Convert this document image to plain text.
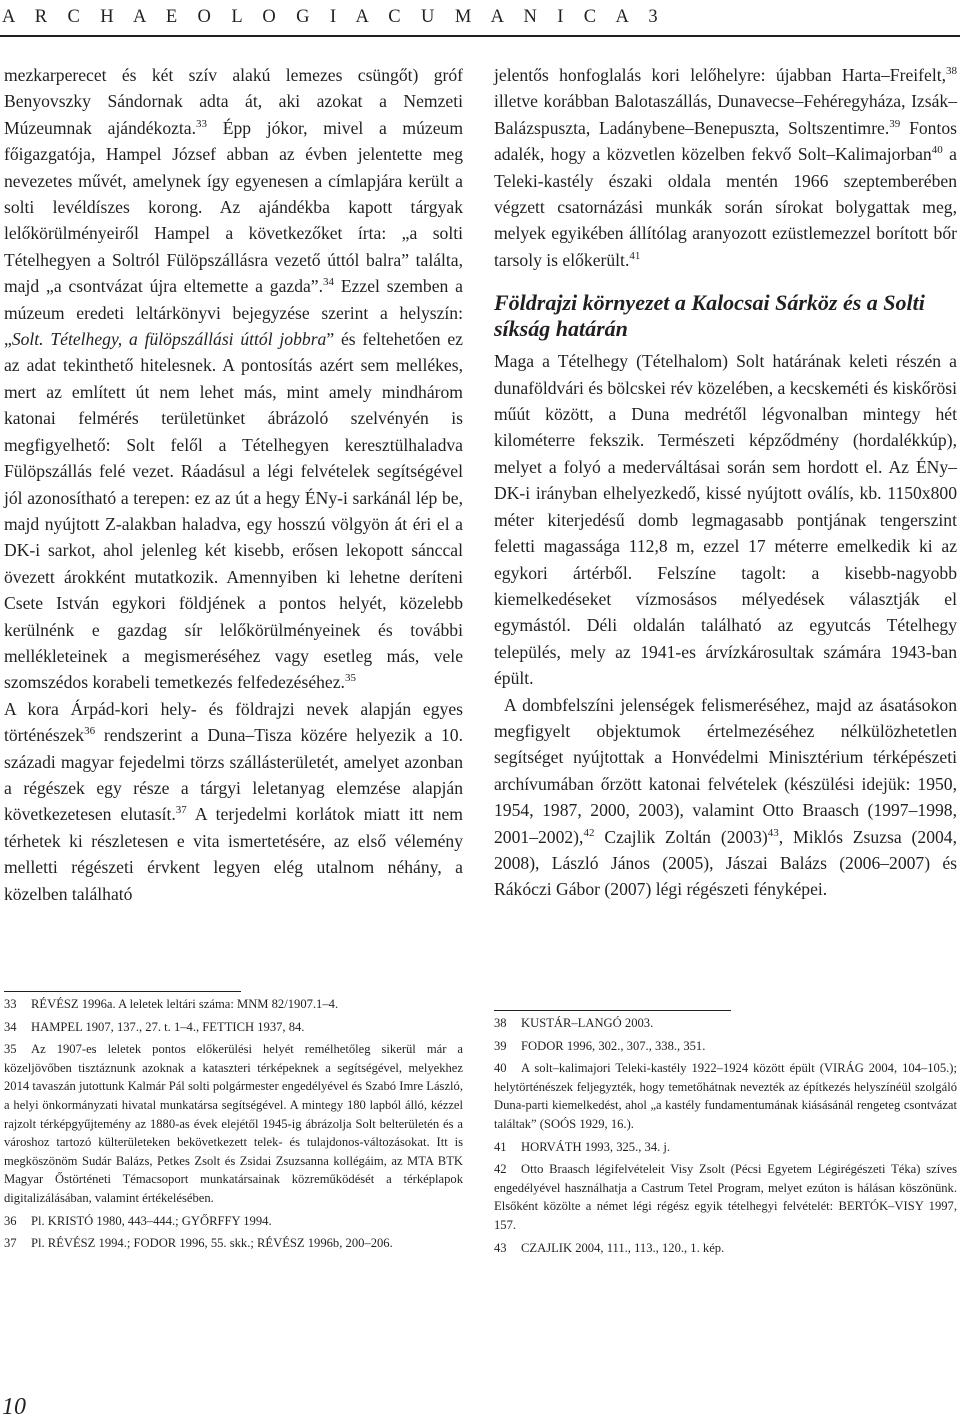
A R C H A E O L O G I A C U M A N I C A 3

mezkarperecet és két szív alakú lemezes csüngőt) gróf Benyovszky Sándornak adta át, aki azokat a Nemzeti Múzeumnak ajándékozta.$^{33}$ Épp jókor, mivel a múzeum főigazgatója, Hampel József abban az évben jelentette meg nevezetes művét, amelynek így egyenesen a címlapjára került a solti levéldíszes korong. Az ajándékba kapott tárgyak lelőkörülményeiről Hampel a következőket írta: „a solti Tételhegyen a Soltról Fülöpszállásra vezető úttól balra” találta, majd „a csontvázat újra eltemette a gazda”.$^{34}$ Ezzel szemben a múzeum eredeti leltárkönyvi bejegyzése szerint a helyszín: „Solt. Tételhegy, a fülöpszállási úttól jobbra” és feltehetően ez az adat tekinthető hitelesnek. A pontosítás azért sem mellékes, mert az említett út nem lehet más, mint amely mindhárom katonai felmérés területünket ábrázoló szelvényén is megfigyelhető: Solt felől a Tételhegyen keresztülhaladva Fülöpszállás felé vezet. Ráadásul a légi felvételek segítségével jól azonosítható a terepen: ez az út a hegy ÉNy-i sarkánál lép be, majd nyújtott Z-alakban haladva, egy hosszú völgyön át éri el a DK-i sarkot, ahol jelenleg két kisebb, erősen lekopott sánccal övezett árokként mutatkozik. Amennyiben ki lehetne deríteni Csete István egykori földjének a pontos helyét, közelebb kerülnénk e gazdag sír lelőkörülményeinek és további mellékleteinek a megismeréséhez vagy esetleg más, vele szomszédos korabeli temetkezés felfedezéséhez.$^{35}$

A kora Árpád-kori hely- és földrajzi nevek alapján egyes történészek$^{36}$ rendszerint a Duna–Tisza közére helyezik a 10. századi magyar fejedelmi törzs szállásterületét, amelyet azonban a régészek egy része a tárgyi leletanyag elemzése alapján következetesen elutasít.$^{37}$ A terjedelmi korlátok miatt itt nem térhetek ki részletesen e vita ismertetésére, az első vélemény melletti régészeti érvkent legyen elég utalnom néhány, a közelben található

jelentős honfoglalás kori lelőhelyre: újabban Harta–Freifelt,$^{38}$ illetve korábban Balotaszállás, Dunavecse–Fehéregyháza, Izsák–Balázspuszta, Ladánybene–Benepuszta, Soltszentimre.$^{39}$ Fontos adalék, hogy a közvetlen közelben fekvő Solt–Kalimajorban$^{40}$ a Teleki-kastély északi oldala mentén 1966 szeptemberében végzett csatornázási munkák során sírokat bolygattak meg, melyek egyikében állítólag aranyozott ezüstlemezzel borított bőr tarsoly is előkerült.$^{41}$

Földrajzi környezet a Kalocsai Sárköz és a Solti síkság határán

Maga a Tételhegy (Tételhalom) Solt határának keleti részén a dunaföldvári és bölcskei rév közelében, a kecskeméti és kiskőrösi műút között, a Duna medrétől légvonalban mintegy hét kilométerre fekszik. Természeti képződmény (hordalékkúp), melyet a folyó a mederváltásai során sem hordott el. Az ÉNy–DK-i irányban elhelyezkedő, kissé nyújtott oválís, kb. 1150x800 méter kiterjedésű domb legmagasabb pontjának tengerszint feletti magassága 112,8 m, ezzel 17 méterre emelkedik ki az egykori ártérből. Felszíne tagolt: a kisebb-nagyobb kiemelkedéseket vízmosásos mélyedések választják el egymástól. Déli oldalán található az egyutcás Tételhegy település, mely az 1941-es árvízkárosultak számára 1943-ban épült.

A dombfelszíni jelenségek felismeréséhez, majd az ásatásokon megfigyelt objektumok értelmezéséhez nélkülözhetetlen segítséget nyújtottak a Honvédelmi Minisztérium térképészeti archívumában őrzött katonai felvételek (készülési idejük: 1950, 1954, 1987, 2000, 2003), valamint Otto Braasch (1997–1998, 2001–2002),$^{42}$ Czajlik Zoltán $(2003)^{43}$, Miklós Zsuzsa (2004, 2008), László János (2005), Jászai Balázs (2006–2007) és Rákóczi Gábor (2007) légi régészeti fényképei.

33 RÉVÉSZ 1996a. A leletek leltári száma: MNM 82/1907.1–4.

34 HAMPEL 1907, 137., 27. t. 1–4., FETTICH 1937, 84.

35 Az 1907-es leletek pontos előkerülési helyét remélhetőleg sikerül már a közeljövőben tisztáznunk azoknak a kataszteri térképeknek a segítségével, melyekhez 2014 tavaszán jutottunk Kalmár Pál solti polgármester engedélyével és Szabó Imre László, a helyi önkormányzati hivatal munkatársa segítségével. A mintegy 180 lapból álló, kézzel rajzolt térképgyűjtemény az 1880-as évek elejétől 1945-ig ábrázolja Solt belterületén és a városhoz tartozó külterületeken bekövetkezett telek- és tulajdonos-változásokat. Itt is megköszönöm Sudár Balázs, Petkes Zsolt és Zsidai Zsuzsanna kollégáim, az MTA BTK Magyar Őstörténeti Témacsoport munkatársainak közreműködését a térképlapok digitalizálásában, valamint értékelésében.

36 Pl. KRISTÓ 1980, 443–444.; GYŐRFFY 1994.

37 Pl. RÉVÉSZ 1994.; FODOR 1996, 55. skk.; RÉVÉSZ 1996b, 200–206.

38 KUSTÁR–LANGÓ 2003.

39 FODOR 1996, 302., 307., 338., 351.

40 A solt–kalimajori Teleki-kastély 1922–1924 között épült (VIRÁG 2004, 104–105.); helytörténészek feljegyzték, hogy temetőhátnak nevezték az építkezés helyszínéül szolgáló Duna-parti kiemelkedést, ahol „a kastély fundamentumának kiásásánál rengeteg csontvázat találtak” (SOÓS 1929, 16.).

41 HORVÁTH 1993, 325., 34. j.

42 Otto Braasch légifelvételeit Visy Zsolt (Pécsi Egyetem Légirégészeti Téka) szíves engedélyével használhatja a Castrum Tetel Program, melyet ezúton is hálásan köszönünk. Elsőként közölte a német légi régész egyik tételhegyi felvételét: BERTÓK–VISY 1997, 157.

43 CZAJLIK 2004, 111., 113., 120., 1. kép.

10
